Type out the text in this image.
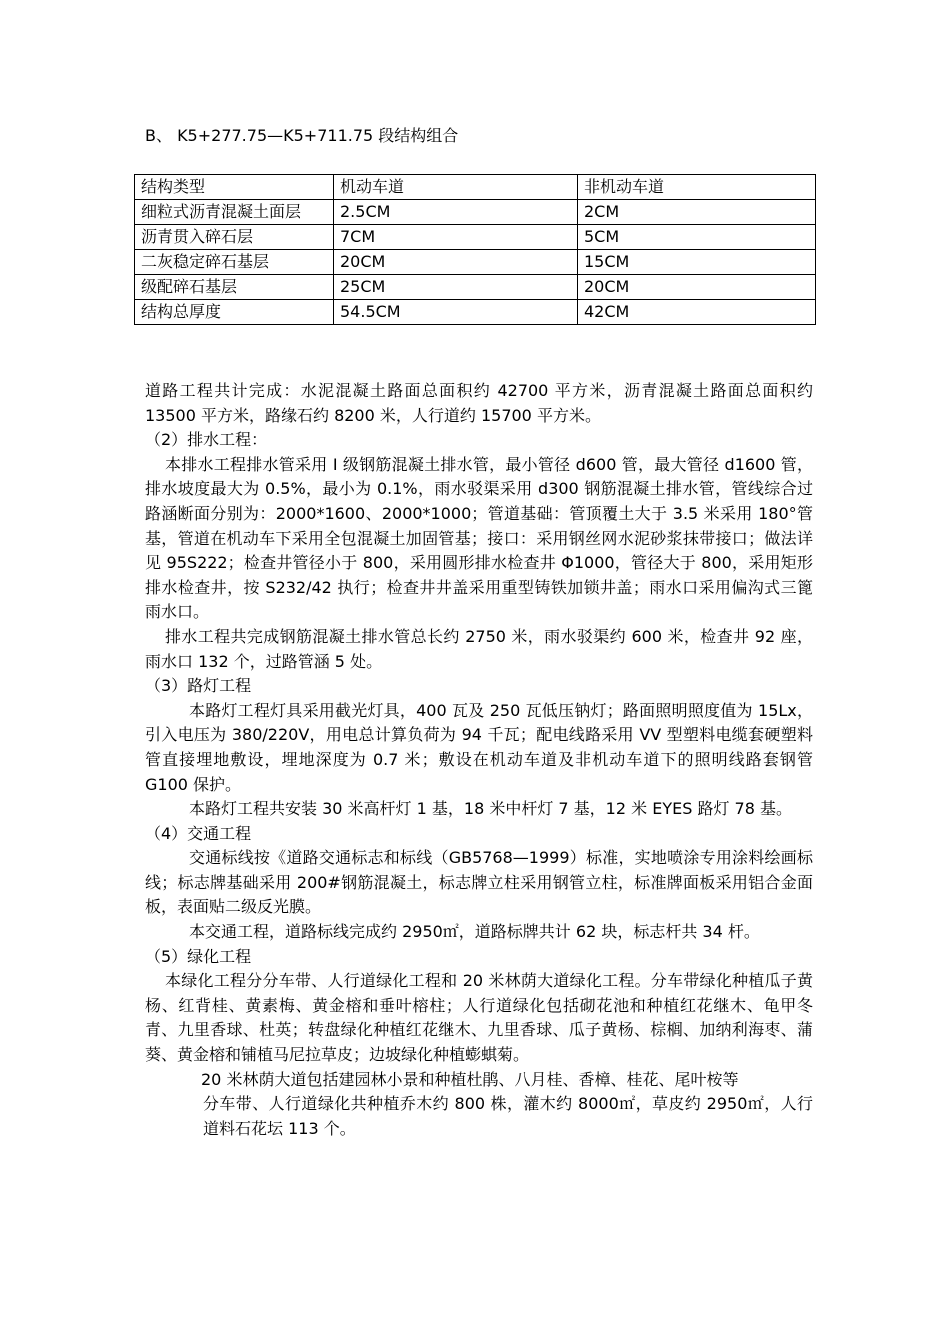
B、 K5+277.75—K5+711.75 段结构组合
结构类型	机动车道	非机动车道
细粒式沥青混凝土面层	2.5CM	2CM
沥青贯入碎石层	7CM	5CM
二灰稳定碎石基层	20CM	15CM
级配碎石基层	25CM	20CM
结构总厚度	54.5CM	42CM

道路工程共计完成：水泥混凝土路面总面积约 42700 平方米，沥青混凝土路面总面积约 13500 平方米，路缘石约 8200 米，人行道约 15700 平方米。

（2）排水工程：

本排水工程排水管采用 I 级钢筋混凝土排水管，最小管径 d600 管，最大管径 d1600 管，排水坡度最大为 0.5%，最小为 0.1%，雨水驳渠采用 d300 钢筋混凝土排水管，管线综合过路涵断面分别为：2000*1600、2000*1000；管道基础：管顶覆土大于 3.5 米采用 180°管基，管道在机动车下采用全包混凝土加固管基；接口：采用钢丝网水泥砂浆抹带接口；做法详见 95S222；检查井管径小于 800，采用圆形排水检查井 Φ1000，管径大于 800，采用矩形排水检查井，按 S232/42 执行；检查井井盖采用重型铸铁加锁井盖；雨水口采用偏沟式三篦雨水口。

排水工程共完成钢筋混凝土排水管总长约 2750 米，雨水驳渠约 600 米，检查井 92 座，雨水口 132 个，过路管涵 5 处。

（3）路灯工程

本路灯工程灯具采用截光灯具，400 瓦及 250 瓦低压钠灯；路面照明照度值为 15Lx，引入电压为 380/220V，用电总计算负荷为 94 千瓦；配电线路采用 VV 型塑料电缆套硬塑料管直接埋地敷设，埋地深度为 0.7 米；敷设在机动车道及非机动车道下的照明线路套钢管 G100 保护。

本路灯工程共安装 30 米高杆灯 1 基，18 米中杆灯 7 基，12 米 EYES 路灯 78 基。

（4）交通工程

交通标线按《道路交通标志和标线（GB5768—1999）标准，实地喷涂专用涂料绘画标线；标志牌基础采用 200#钢筋混凝土，标志牌立柱采用钢管立柱，标准牌面板采用铝合金面板，表面贴二级反光膜。

本交通工程，道路标线完成约 2950㎡，道路标牌共计 62 块，标志杆共 34 杆。

（5）绿化工程

本绿化工程分分车带、人行道绿化工程和 20 米林荫大道绿化工程。分车带绿化种植瓜子黄杨、红背桂、黄素梅、黄金榕和垂叶榕柱；人行道绿化包括砌花池和种植红花继木、龟甲冬青、九里香球、杜英；转盘绿化种植红花继木、九里香球、瓜子黄杨、棕榈、加纳利海枣、蒲葵、黄金榕和铺植马尼拉草皮；边坡绿化种植蟛蜞菊。

20 米林荫大道包括建园林小景和种植杜鹃、八月桂、香樟、桂花、尾叶桉等

分车带、人行道绿化共种植乔木约 800 株，灌木约 8000㎡，草皮约 2950㎡，人行道料石花坛 113 个。
